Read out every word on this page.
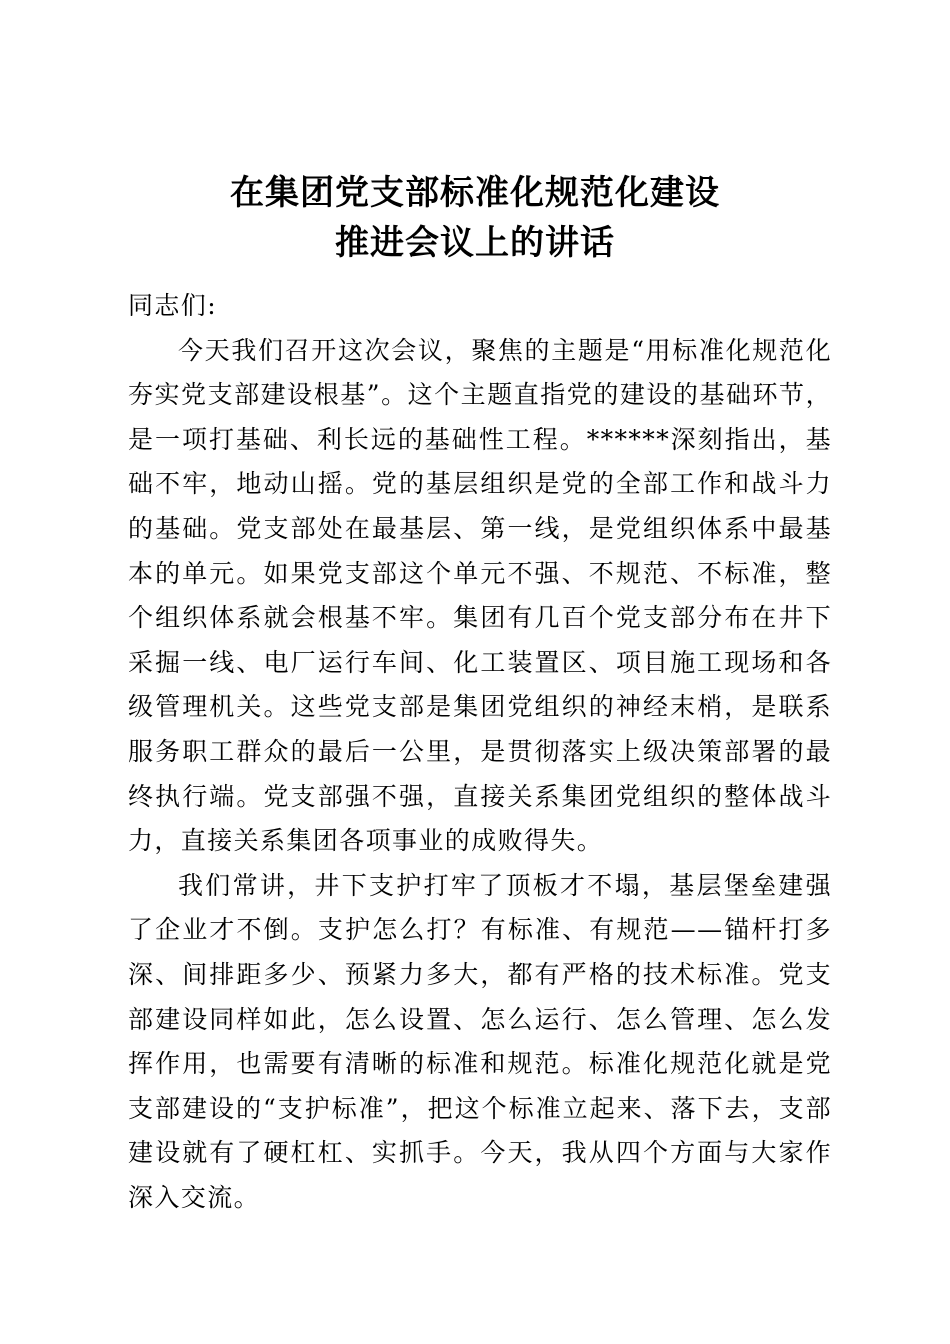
在集团党支部标准化规范化建设
推进会议上的讲话

同志们:

今天我们召开这次会议，聚焦的主题是“用标准化规范化夯实党支部建设根基”。这个主题直指党的建设的基础环节，是一项打基础、利长远的基础性工程。******深刻指出，基础不牢，地动山摇。党的基层组织是党的全部工作和战斗力的基础。党支部处在最基层、第一线，是党组织体系中最基本的单元。如果党支部这个单元不强、不规范、不标准，整个组织体系就会根基不牢。集团有几百个党支部分布在井下采掘一线、电厂运行车间、化工装置区、项目施工现场和各级管理机关。这些党支部是集团党组织的神经末梢，是联系服务职工群众的最后一公里，是贯彻落实上级决策部署的最终执行端。党支部强不强，直接关系集团党组织的整体战斗力，直接关系集团各项事业的成败得失。

我们常讲，井下支护打牢了顶板才不塌，基层堡垒建强了企业才不倒。支护怎么打？有标准、有规范——锚杆打多深、间排距多少、预紧力多大，都有严格的技术标准。党支部建设同样如此，怎么设置、怎么运行、怎么管理、怎么发挥作用，也需要有清晰的标准和规范。标准化规范化就是党支部建设的“支护标准”，把这个标准立起来、落下去，支部建设就有了硬杠杠、实抓手。今天，我从四个方面与大家作深入交流。
